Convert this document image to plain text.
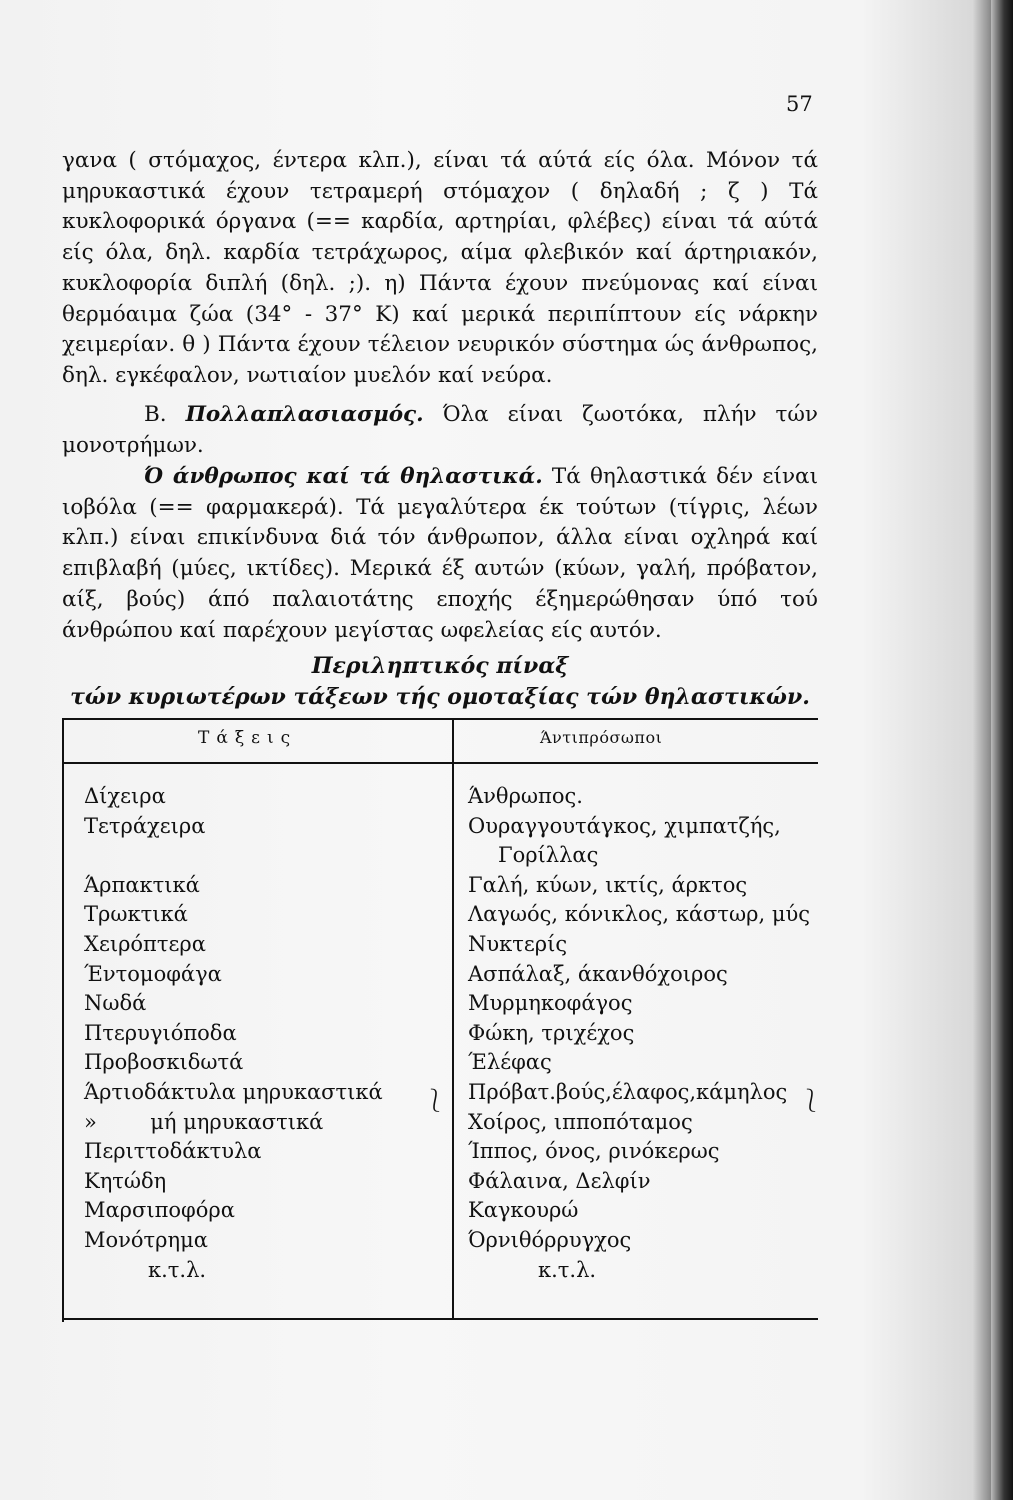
57

γανα ( στόμαχος, έντερα κλπ.), είναι τά αύτά είς όλα. Μόνον τά μηρυκαστικά έχουν τετραμερή στόμαχον ( δηλαδή ; ζ ) Τά κυκλοφορικά όργανα (== καρδία, αρτηρίαι, φλέβες) είναι τά αύτά είς όλα, δηλ. καρδία τετράχωρος, αίμα φλεβικόν καί άρτηριακόν, κυκλοφορία διπλή (δηλ. ;). η) Πάντα έχουν πνεύμονας καί είναι θερμόαιμα ζώα (34° - 37° Κ) καί μερικά περιπίπτουν είς νάρκην χειμερίαν. θ ) Πάντα έχουν τέλειον νευρικόν σύστημα ώς άνθρωπος, δηλ. εγκέφαλον, νωτιαίον μυελόν καί νεύρα.

Β. Πολλαπλασιασμός. Όλα είναι ζωοτόκα, πλήν τών μονοτρήμων.

Ό άνθρωπος καί τά θηλαστικά. Τά θηλαστικά δέν είναι ιοβόλα (== φαρμακερά). Τά μεγαλύτερα έκ τούτων (τίγρις, λέων κλπ.) είναι επικίνδυνα διά τόν άνθρωπον, άλλα είναι οχληρά καί επιβλαβή (μύες, ικτίδες). Μερικά έξ αυτών (κύων, γαλή, πρόβατον, αίξ, βούς) άπό παλαιοτάτης εποχής έξημερώθησαν ύπό τού άνθρώπου καί παρέχουν μεγίστας ωφελείας είς αυτόν.

Περιληπτικός πίναξ
τών κυριωτέρων τάξεων τής ομοταξίας τών θηλαστικών.
Τάξεις	Άντιπρόσωποι
Δίχειρα	Άνθρωπος.
Τετράχειρα	Ουραγγουτάγκος, χιμπατζής,
Γορίλλας
Άρπακτικά	Γαλή, κύων, ικτίς, άρκτος
Τρωκτικά	Λαγωός, κόνικλος, κάστωρ, μύς
Χειρόπτερα	Νυκτερίς
Έντομοφάγα	Ασπάλαξ, άκανθόχοιρος
Νωδά	Μυρμηκοφάγος
Πτερυγιόποδα	Φώκη, τριχέχος
Προβοσκιδωτά	Έλέφας
Άρτιοδάκτυλα μηρυκαστικά	Πρόβατ.βούς,έλαφος,κάμηλος
»        μή μηρυκαστικά	Χοίρος, ιπποπόταμος
Περιττοδάκτυλα	Ίππος, όνος, ρινόκερως
Κητώδη	Φάλαινα, Δελφίν
Μαρσιποφόρα	Καγκουρώ
Μονότρημα	Όρνιθόρρυγχος
κ.τ.λ.	κ.τ.λ.
⎱	⎱
